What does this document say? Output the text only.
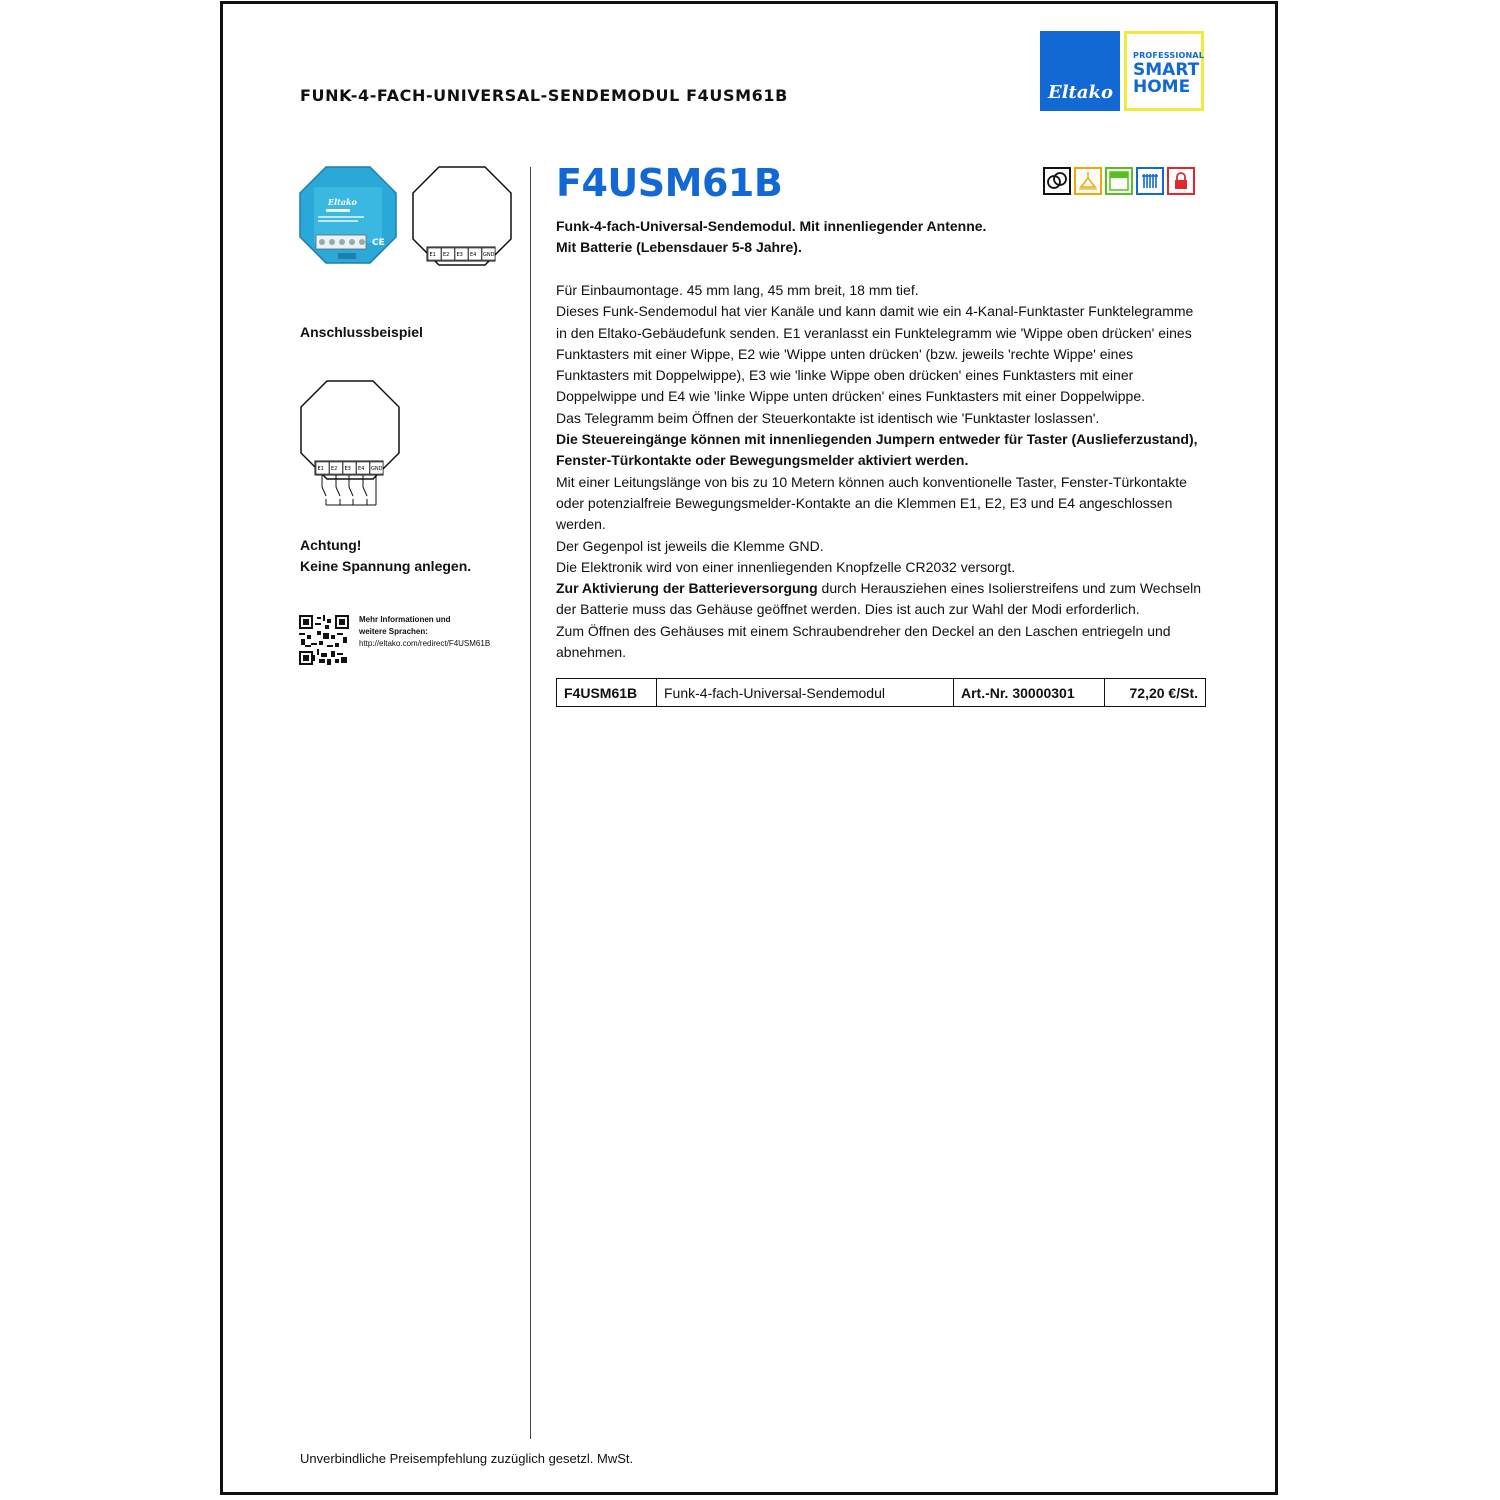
FUNK-4-FACH-UNIVERSAL-SENDEMODUL F4USM61B	Eltako
PROFESSIONAL
SMART
HOME
Eltako
CE
E1 E2 E3 E4 GND
Anschlussbeispiel
E1 E2 E3 E4 GND
Achtung!
Keine Spannung anlegen.
Mehr Informationen und
weitere Sprachen:
http://eltako.com/redirect/F4USM61B
F4USM61B
Funk-4-fach-Universal-Sendemodul. Mit innenliegender Antenne.
Mit Batterie (Lebensdauer 5-8 Jahre).

Für Einbaumontage. 45 mm lang, 45 mm breit, 18 mm tief.

Dieses Funk-Sendemodul hat vier Kanäle und kann damit wie ein 4-Kanal-Funktaster Funktelegramme in den Eltako-Gebäudefunk senden. E1 veranlasst ein Funktelegramm wie 'Wippe oben drücken' eines Funktasters mit einer Wippe, E2 wie 'Wippe unten drücken' (bzw. jeweils 'rechte Wippe' eines Funktasters mit Doppelwippe), E3 wie 'linke Wippe oben drücken' eines Funktasters mit einer Doppelwippe und E4 wie 'linke Wippe unten drücken' eines Funktasters mit einer Doppelwippe.

Das Telegramm beim Öffnen der Steuerkontakte ist identisch wie 'Funktaster loslassen'.

Die Steuereingänge können mit innenliegenden Jumpern entweder für Taster (Auslieferzustand), Fenster-Türkontakte oder Bewegungsmelder aktiviert werden.

Mit einer Leitungslänge von bis zu 10 Metern können auch konventionelle Taster, Fenster-Türkontakte oder potenzialfreie Bewegungsmelder-Kontakte an die Klemmen E1, E2, E3 und E4 angeschlossen werden.

Der Gegenpol ist jeweils die Klemme GND.

Die Elektronik wird von einer innenliegenden Knopfzelle CR2032 versorgt.

Zur Aktivierung der Batterieversorgung durch Herausziehen eines Isolierstreifens und zum Wechseln der Batterie muss das Gehäuse geöffnet werden. Dies ist auch zur Wahl der Modi erforderlich.

Zum Öffnen des Gehäuses mit einem Schraubendreher den Deckel an den Laschen entriegeln und abnehmen.

F4USM61B	Funk-4-fach-Universal-Sendemodul	Art.-Nr. 30000301	72,20 €/St.
Unverbindliche Preisempfehlung zuzüglich gesetzl. MwSt.
